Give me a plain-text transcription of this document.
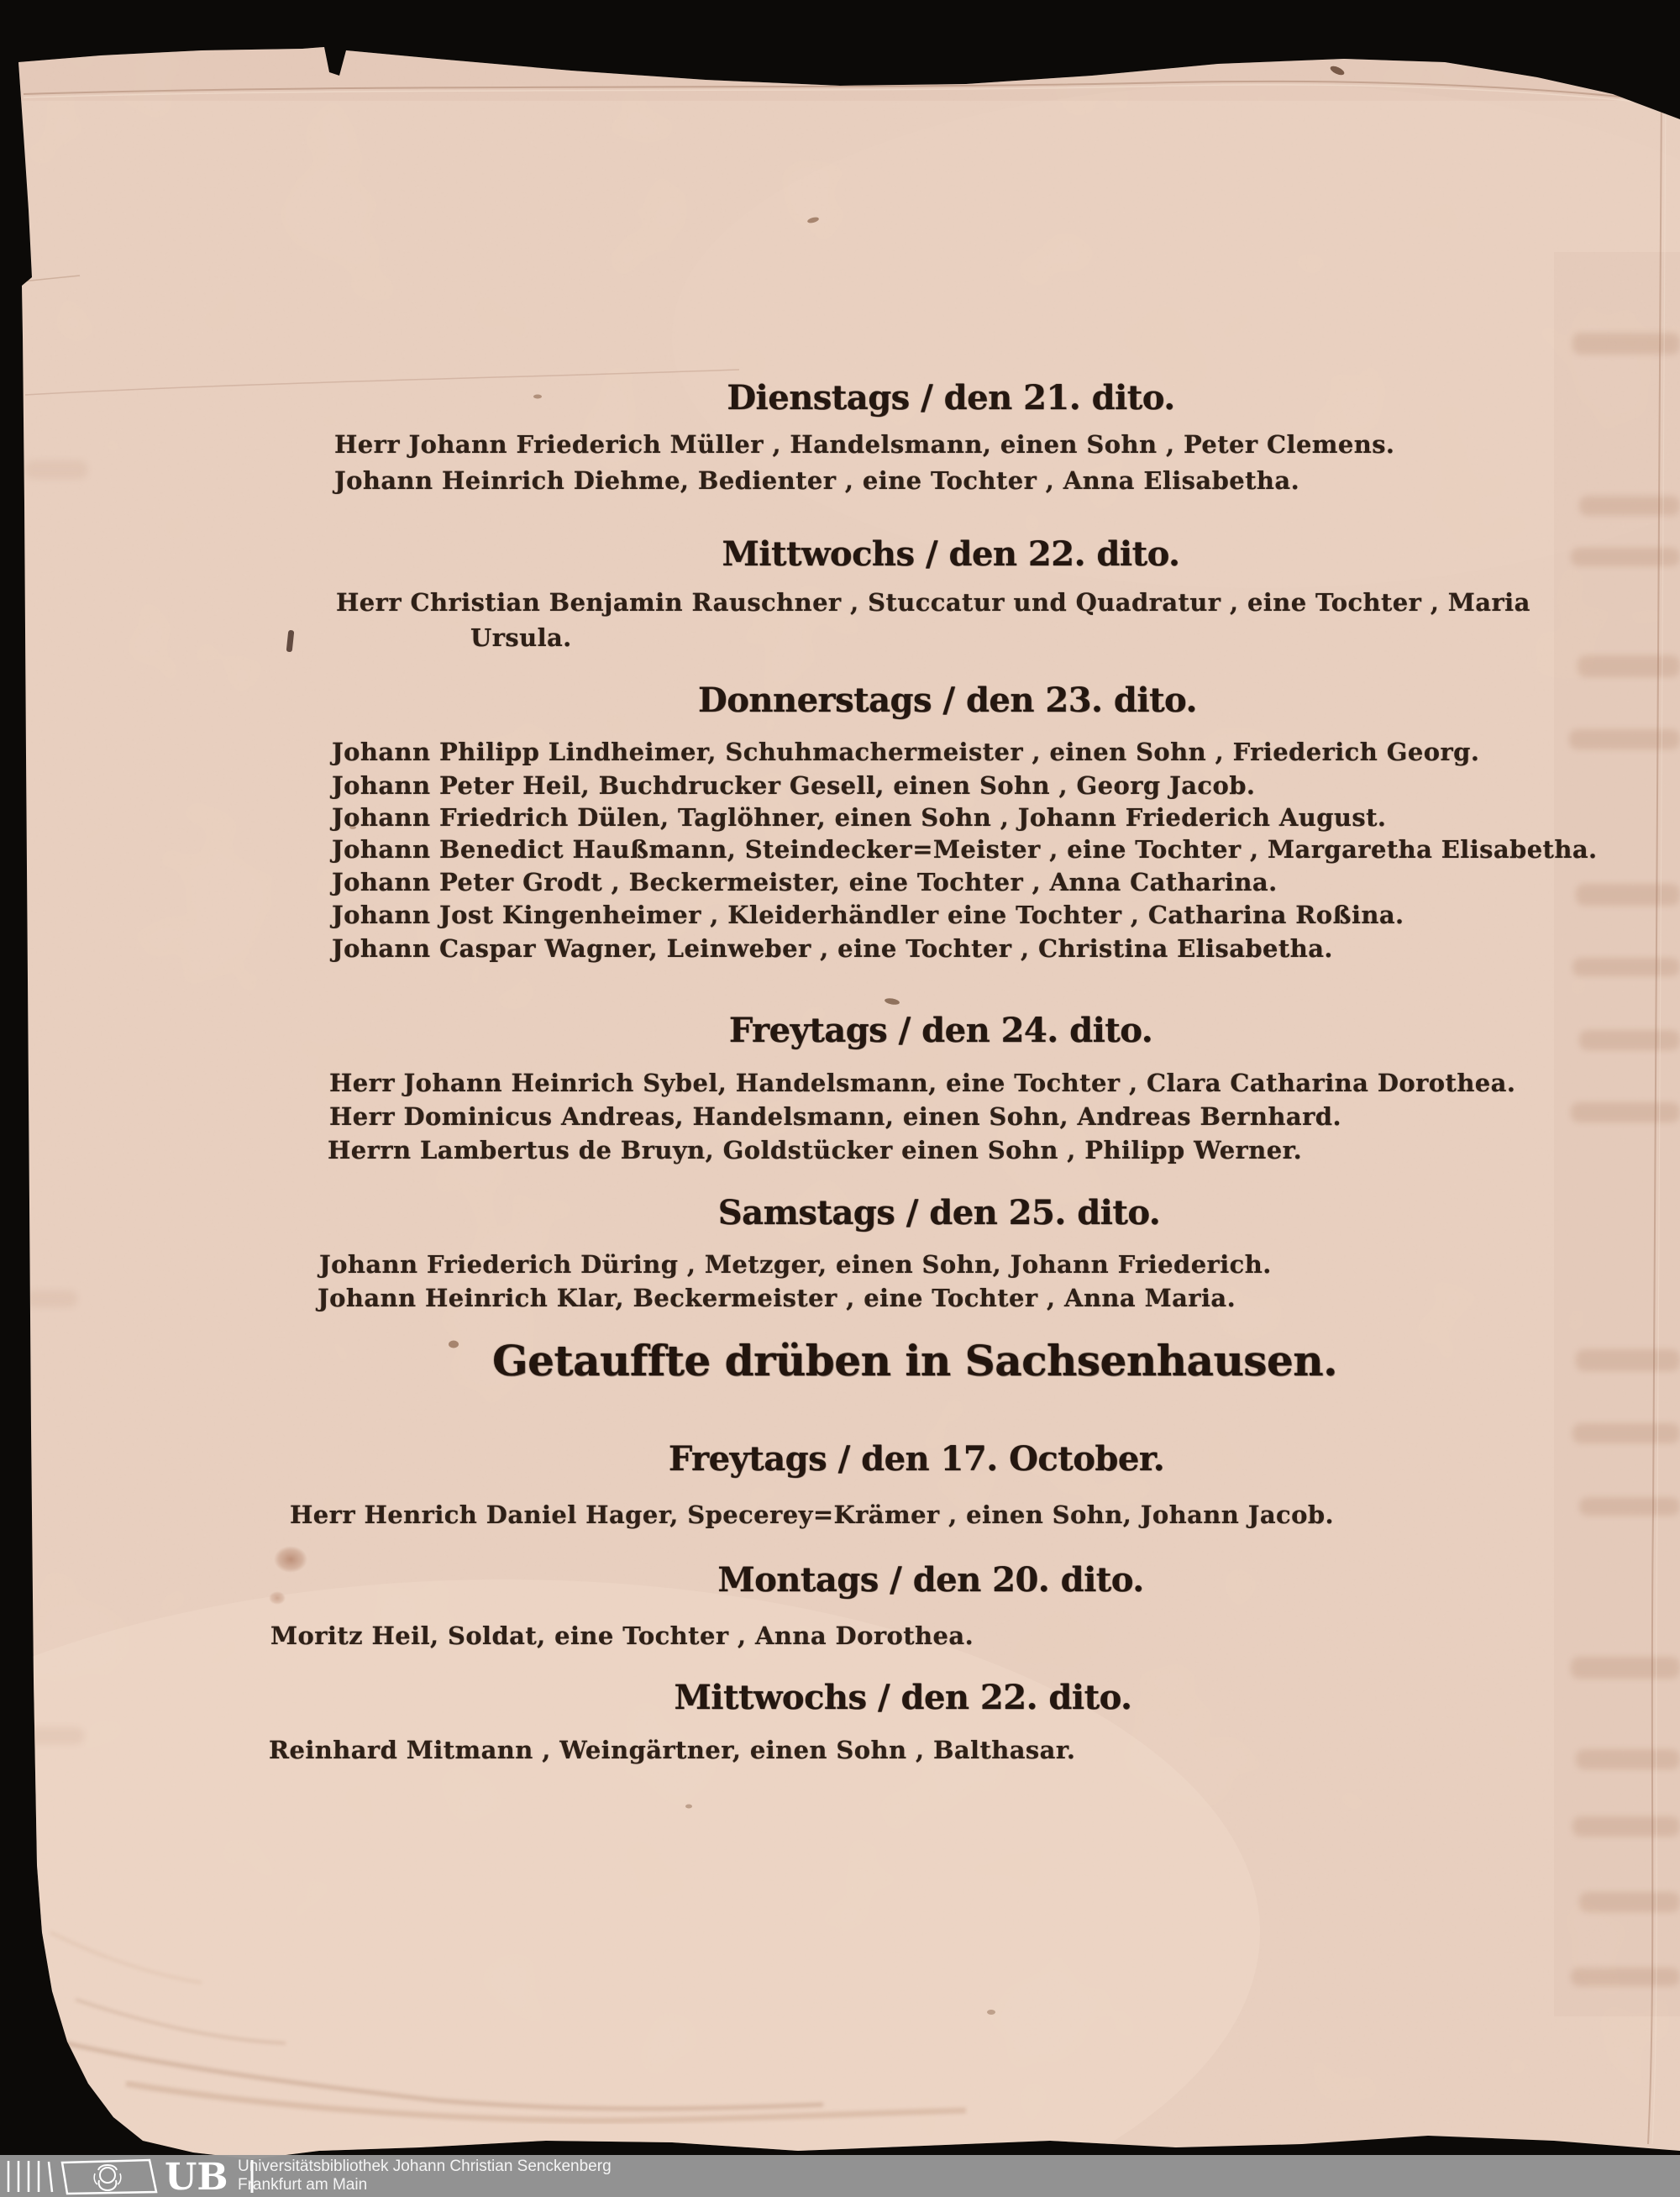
Dienstags / den 21. dito.
Herr Johann Friederich Müller , Handelsmann, einen Sohn , Peter Clemens.
Johann Heinrich Diehme, Bedienter , eine Tochter , Anna Elisabetha.
Mittwochs / den 22. dito.
Herr Christian Benjamin Rauschner , Stuccatur und Quadratur , eine Tochter , Maria
Ursula.
Donnerstags / den 23. dito.
Johann Philipp Lindheimer, Schuhmachermeister , einen Sohn , Friederich Georg.
Johann Peter Heil, Buchdrucker Gesell, einen Sohn , Georg Jacob.
Johann Friedrich Dülen, Taglöhner, einen Sohn , Johann Friederich August.
Johann Benedict Haußmann, Steindecker=Meister , eine Tochter , Margaretha Elisabetha.
Johann Peter Grodt , Beckermeister, eine Tochter , Anna Catharina.
Johann Jost Kingenheimer , Kleiderhändler eine Tochter , Catharina Roßina.
Johann Caspar Wagner, Leinweber , eine Tochter , Christina Elisabetha.
Freytags / den 24. dito.
Herr Johann Heinrich Sybel, Handelsmann, eine Tochter , Clara Catharina Dorothea.
Herr Dominicus Andreas, Handelsmann, einen Sohn, Andreas Bernhard.
Herrn Lambertus de Bruyn, Goldstücker einen Sohn , Philipp Werner.
Samstags / den 25. dito.
Johann Friederich Düring , Metzger, einen Sohn, Johann Friederich.
Johann Heinrich Klar, Beckermeister , eine Tochter , Anna Maria.
Getauffte drüben in Sachsenhausen.
Freytags / den 17. October.
Herr Henrich Daniel Hager, Specerey=Krämer , einen Sohn, Johann Jacob.
Montags / den 20. dito.
Moritz Heil, Soldat, eine Tochter , Anna Dorothea.
Mittwochs / den 22. dito.
Reinhard Mitmann , Weingärtner, einen Sohn , Balthasar.
UB Universitätsbibliothek Johann Christian Senckenberg
Frankfurt am Main
